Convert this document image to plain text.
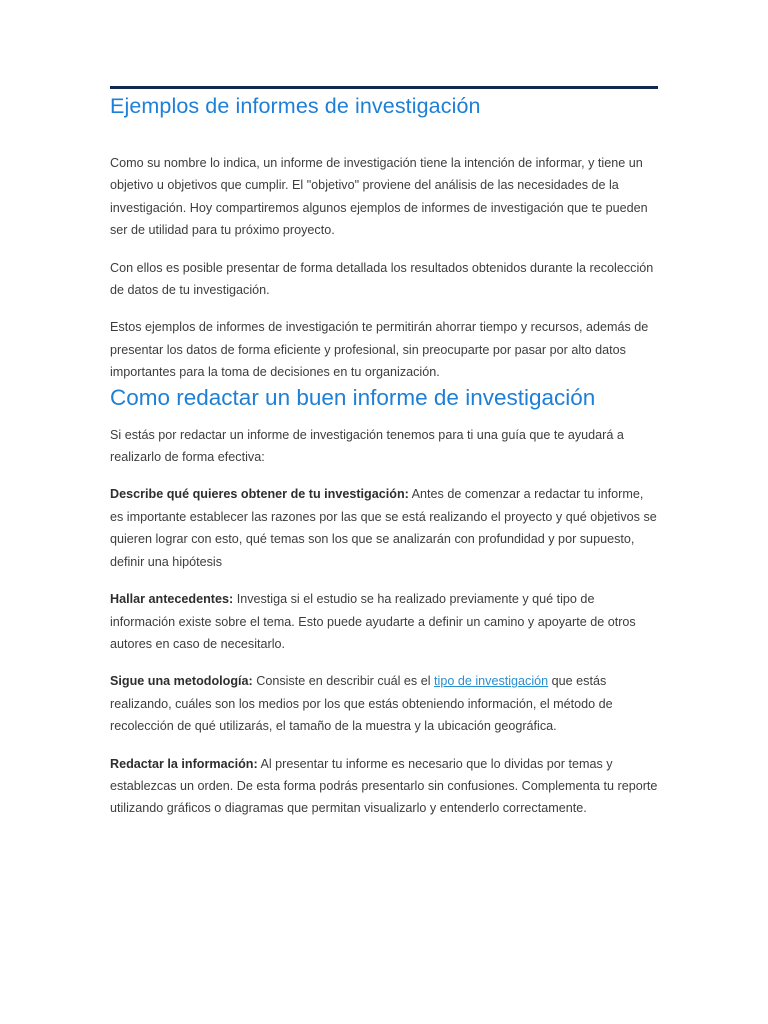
Ejemplos de informes de investigación

Como su nombre lo indica, un informe de investigación tiene la intención de informar, y tiene un objetivo u objetivos que cumplir. El "objetivo" proviene del análisis de las necesidades de la investigación. Hoy compartiremos algunos ejemplos de informes de investigación que te pueden ser de utilidad para tu próximo proyecto.

Con ellos es posible presentar de forma detallada los resultados obtenidos durante la recolección de datos de tu investigación.

Estos ejemplos de informes de investigación te permitirán ahorrar tiempo y recursos, además de presentar los datos de forma eficiente y profesional, sin preocuparte por pasar por alto datos importantes para la toma de decisiones en tu organización.

Como redactar un buen informe de investigación

Si estás por redactar un informe de investigación tenemos para ti una guía que te ayudará a realizarlo de forma efectiva:

Describe qué quieres obtener de tu investigación: Antes de comenzar a redactar tu informe, es importante establecer las razones por las que se está realizando el proyecto y qué objetivos se quieren lograr con esto, qué temas son los que se analizarán con profundidad y por supuesto, definir una hipótesis

Hallar antecedentes: Investiga si el estudio se ha realizado previamente y qué tipo de información existe sobre el tema. Esto puede ayudarte a definir un camino y apoyarte de otros autores en caso de necesitarlo.

Sigue una metodología: Consiste en describir cuál es el tipo de investigación que estás realizando, cuáles son los medios por los que estás obteniendo información, el método de recolección de qué utilizarás, el tamaño de la muestra y la ubicación geográfica.

Redactar la información: Al presentar tu informe es necesario que lo dividas por temas y establezcas un orden. De esta forma podrás presentarlo sin confusiones. Complementa tu reporte utilizando gráficos o diagramas que permitan visualizarlo y entenderlo correctamente.
